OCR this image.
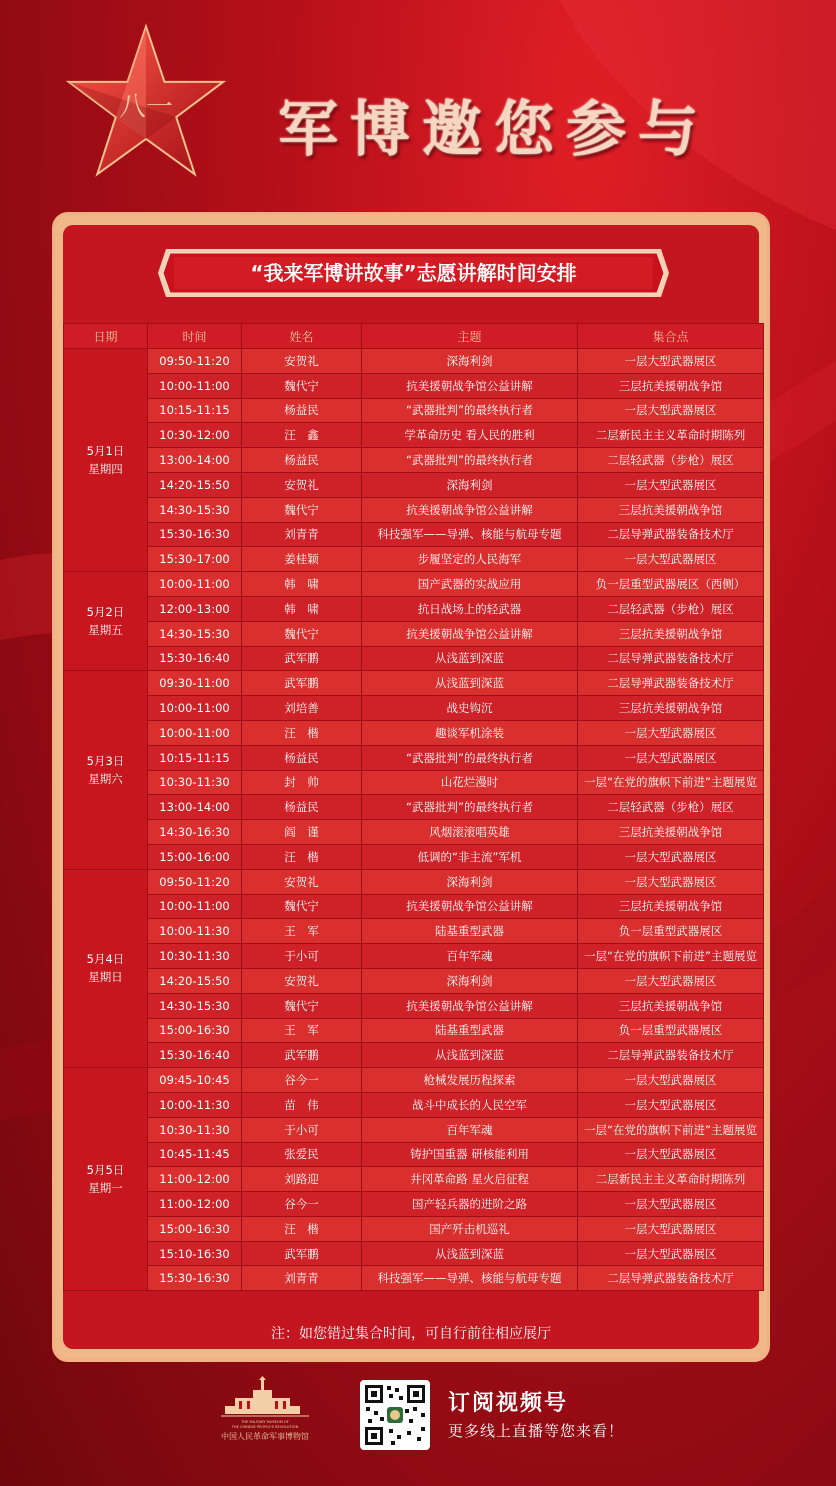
八一 军博邀您参与
“我来军博讲故事”志愿讲解时间安排
日期	时间	姓名	主题	集合点

5月1日
星期四	09:50-11:20	安贺礼	深海利剑	一层大型武器展区
	10:00-11:00	魏代宁	抗美援朝战争馆公益讲解	三层抗美援朝战争馆
	10:15-11:15	杨益民	“武器批判”的最终执行者	一层大型武器展区
	10:30-12:00	汪　鑫	学革命历史 看人民的胜利	二层新民主主义革命时期陈列
	13:00-14:00	杨益民	“武器批判”的最终执行者	二层轻武器（步枪）展区
	14:20-15:50	安贺礼	深海利剑	一层大型武器展区
	14:30-15:30	魏代宁	抗美援朝战争馆公益讲解	三层抗美援朝战争馆
	15:30-16:30	刘青青	科技强军——导弹、核能与航母专题	二层导弹武器装备技术厅
	15:30-17:00	姜桂颖	步履坚定的人民海军	一层大型武器展区

5月2日
星期五	10:00-11:00	韩　啸	国产武器的实战应用	负一层重型武器展区（西侧）
	12:00-13:00	韩　啸	抗日战场上的轻武器	二层轻武器（步枪）展区
	14:30-15:30	魏代宁	抗美援朝战争馆公益讲解	三层抗美援朝战争馆
	15:30-16:40	武军鹏	从浅蓝到深蓝	二层导弹武器装备技术厅

5月3日
星期六	09:30-11:00	武军鹏	从浅蓝到深蓝	二层导弹武器装备技术厅
	10:00-11:00	刘培善	战史钩沉	三层抗美援朝战争馆
	10:00-11:00	汪　楷	趣谈军机涂装	一层大型武器展区
	10:15-11:15	杨益民	“武器批判”的最终执行者	一层大型武器展区
	10:30-11:30	封　帅	山花烂漫时	一层“在党的旗帜下前进”主题展览
	13:00-14:00	杨益民	“武器批判”的最终执行者	二层轻武器（步枪）展区
	14:30-16:30	阎　谨	风烟滚滚唱英雄	三层抗美援朝战争馆
	15:00-16:00	汪　楷	低调的“非主流”军机	一层大型武器展区

5月4日
星期日	09:50-11:20	安贺礼	深海利剑	一层大型武器展区
	10:00-11:00	魏代宁	抗美援朝战争馆公益讲解	三层抗美援朝战争馆
	10:00-11:30	王　军	陆基重型武器	负一层重型武器展区
	10:30-11:30	于小可	百年军魂	一层“在党的旗帜下前进”主题展览
	14:20-15:50	安贺礼	深海利剑	一层大型武器展区
	14:30-15:30	魏代宁	抗美援朝战争馆公益讲解	三层抗美援朝战争馆
	15:00-16:30	王　军	陆基重型武器	负一层重型武器展区
	15:30-16:40	武军鹏	从浅蓝到深蓝	二层导弹武器装备技术厅

5月5日
星期一	09:45-10:45	谷今一	枪械发展历程探索	一层大型武器展区
	10:00-11:30	苗　伟	战斗中成长的人民空军	一层大型武器展区
	10:30-11:30	于小可	百年军魂	一层“在党的旗帜下前进”主题展览
	10:45-11:45	张爱民	铸护国重器 研核能利用	一层大型武器展区
	11:00-12:00	刘路迎	井冈革命路 星火启征程	二层新民主主义革命时期陈列
	11:00-12:00	谷今一	国产轻兵器的进阶之路	一层大型武器展区
	15:00-16:30	汪　楷	国产歼击机巡礼	一层大型武器展区
	15:10-16:30	武军鹏	从浅蓝到深蓝	一层大型武器展区
	15:30-16:30	刘青青	科技强军——导弹、核能与航母专题	二层导弹武器装备技术厅
注：如您错过集合时间，可自行前往相应展厅
THE MILITARY MUSEUM OF
THE CHINESE PEOPLE'S REVOLUTION
中国人民革命军事博物馆
订阅视频号
更多线上直播等您来看！
